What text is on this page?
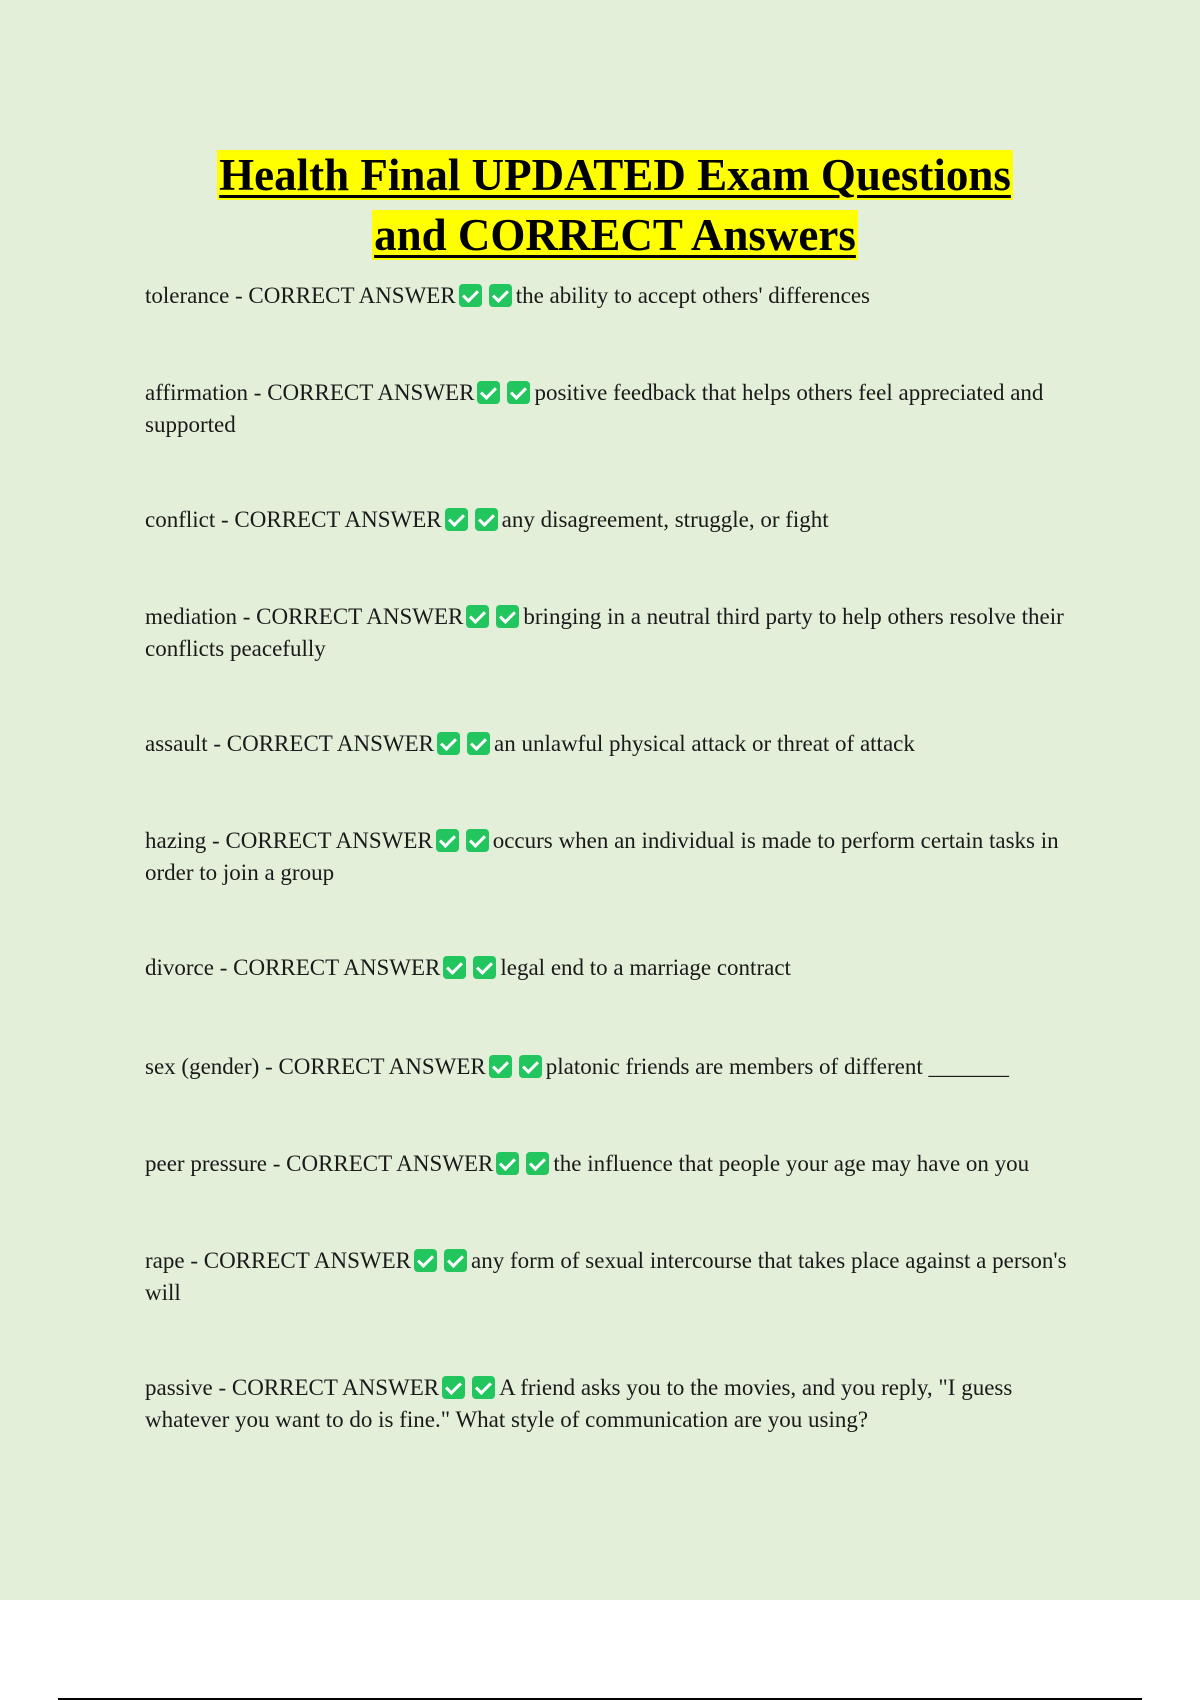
Health Final UPDATED Exam Questions
and CORRECT Answers

tolerance - CORRECT ANSWER	the ability to accept others' differences

affirmation - CORRECT ANSWER	positive feedback that helps others feel appreciated and supported

conflict - CORRECT ANSWER	any disagreement, struggle, or fight

mediation - CORRECT ANSWER	bringing in a neutral third party to help others resolve their conflicts peacefully

assault - CORRECT ANSWER	an unlawful physical attack or threat of attack

hazing - CORRECT ANSWER	occurs when an individual is made to perform certain tasks in order to join a group

divorce - CORRECT ANSWER	legal end to a marriage contract

sex (gender) - CORRECT ANSWER	platonic friends are members of different _______

peer pressure - CORRECT ANSWER	the influence that people your age may have on you

rape - CORRECT ANSWER	any form of sexual intercourse that takes place against a person's will

passive - CORRECT ANSWER	A friend asks you to the movies, and you reply, "I guess whatever you want to do is fine." What style of communication are you using?
